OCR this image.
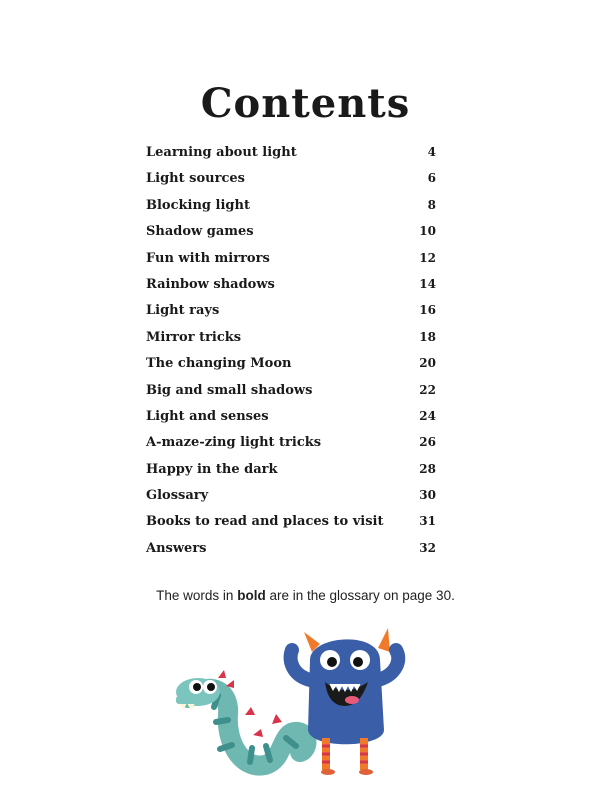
Contents
Learning about light	4
Light sources	6
Blocking light	8
Shadow games	10
Fun with mirrors	12
Rainbow shadows	14
Light rays	16
Mirror tricks	18
The changing Moon	20
Big and small shadows	22
Light and senses	24
A-maze-zing light tricks	26
Happy in the dark	28
Glossary	30
Books to read and places to visit	31
Answers	32
The words in bold are in the glossary on page 30.
